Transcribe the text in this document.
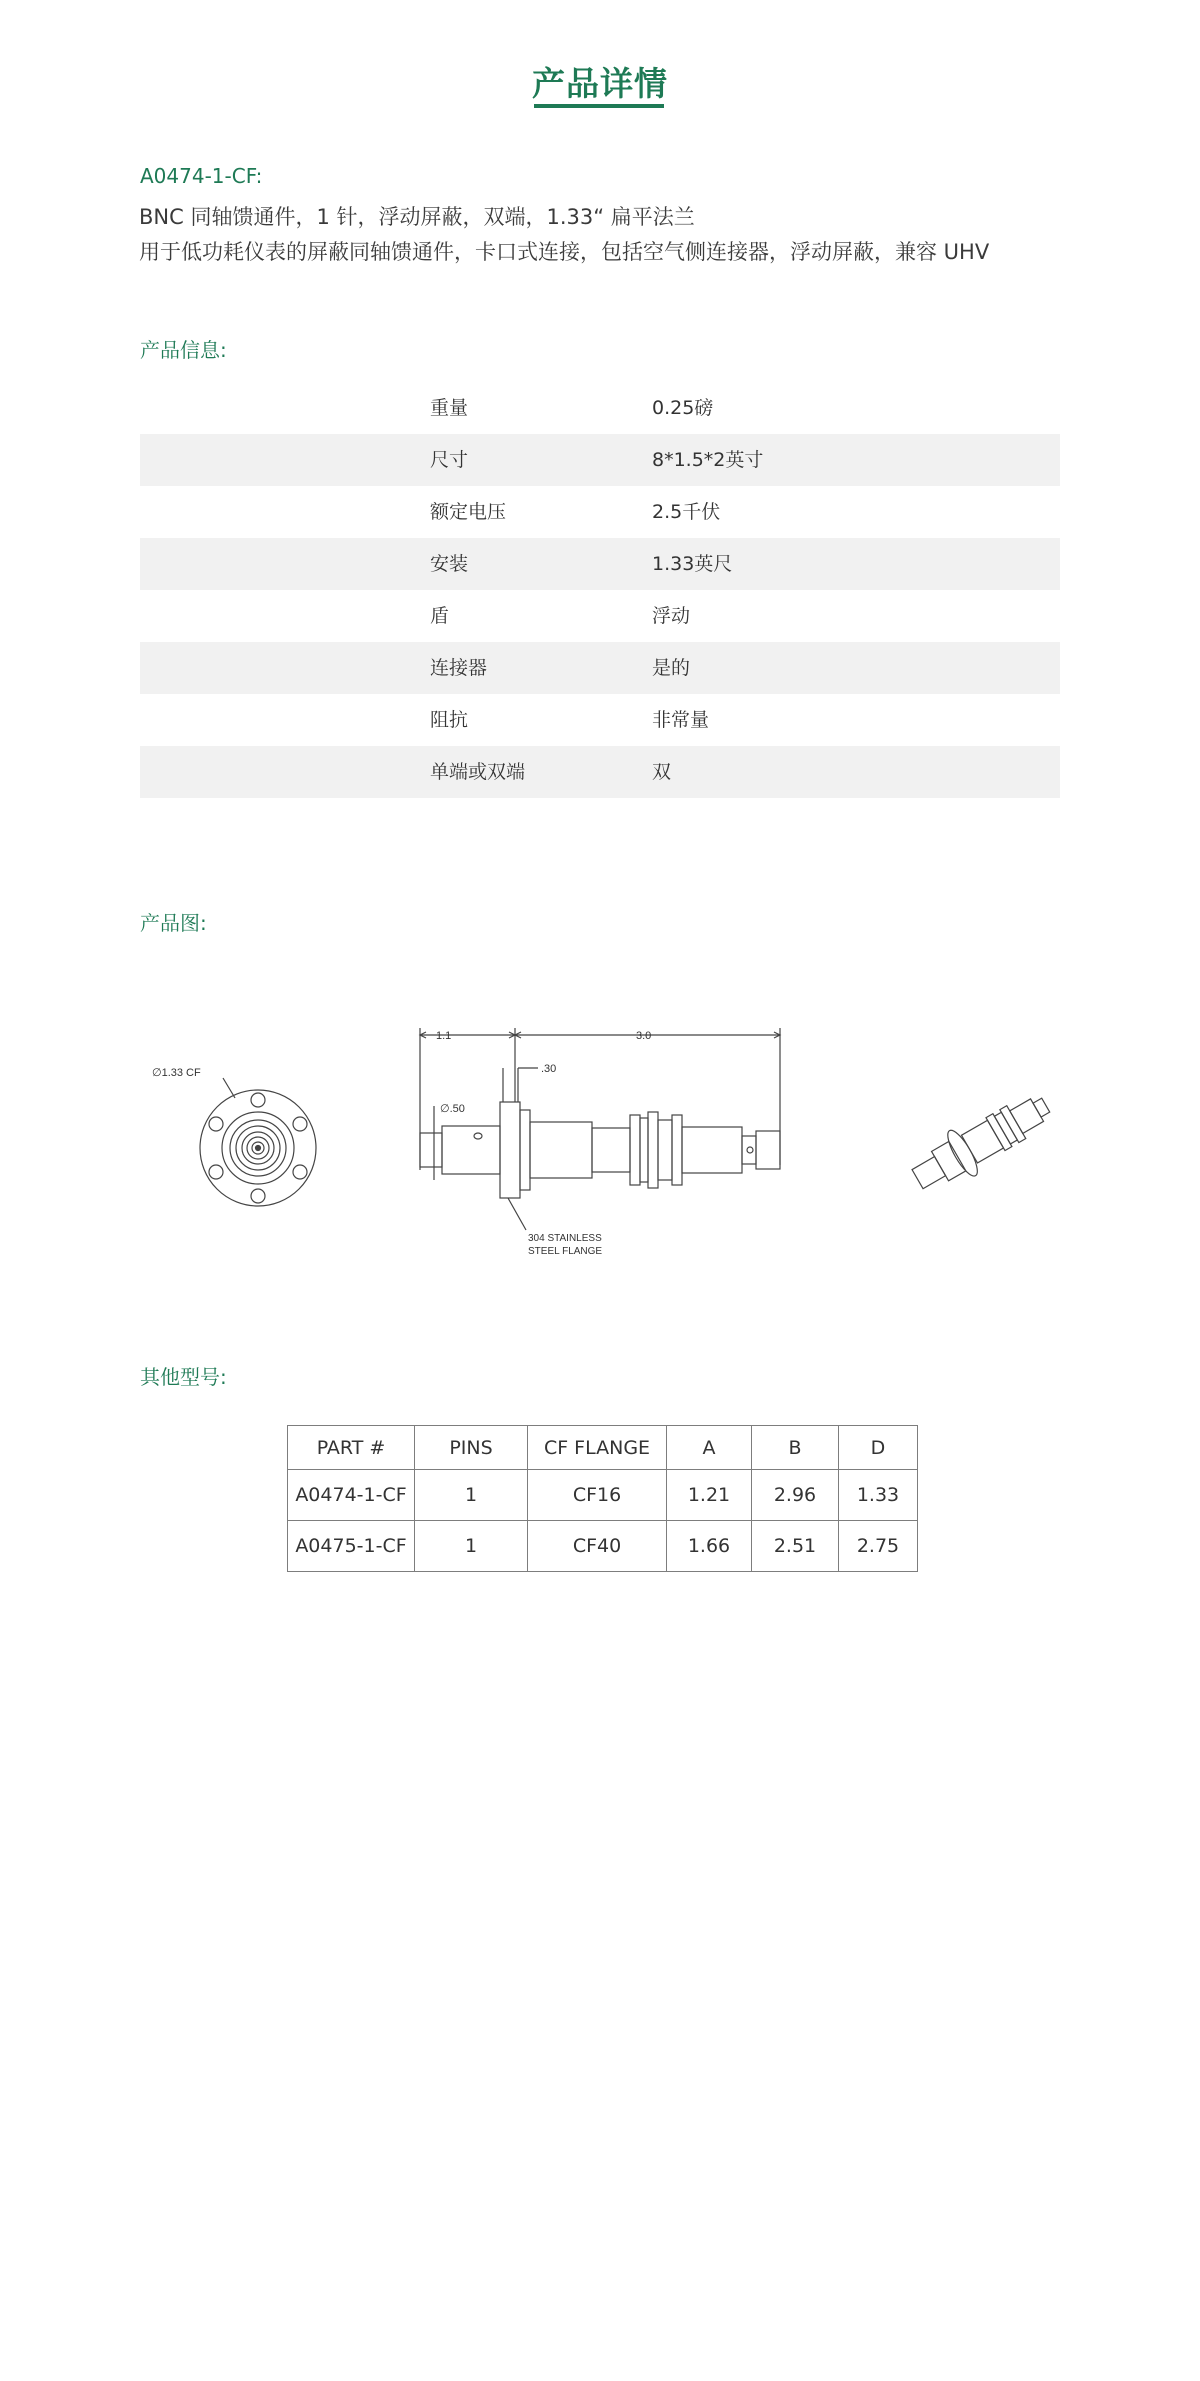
产品详情
A0474-1-CF:
BNC 同轴馈通件，1 针，浮动屏蔽，双端，1.33“ 扁平法兰
用于低功耗仪表的屏蔽同轴馈通件，卡口式连接，包括空气侧连接器，浮动屏蔽，兼容 UHV
产品信息:
重量	0.25磅
尺寸	8*1.5*2英寸
额定电压	2.5千伏
安装	1.33英尺
盾	浮动
连接器	是的
阻抗	非常量
单端或双端	双
产品图:
∅1.33 CF
1.1	3.0
.30
∅.50
304 STAINLESS
STEEL FLANGE
其他型号:
PART #	PINS	CF FLANGE	A	B	D
A0474-1-CF	1	CF16	1.21	2.96	1.33
A0475-1-CF	1	CF40	1.66	2.51	2.75
